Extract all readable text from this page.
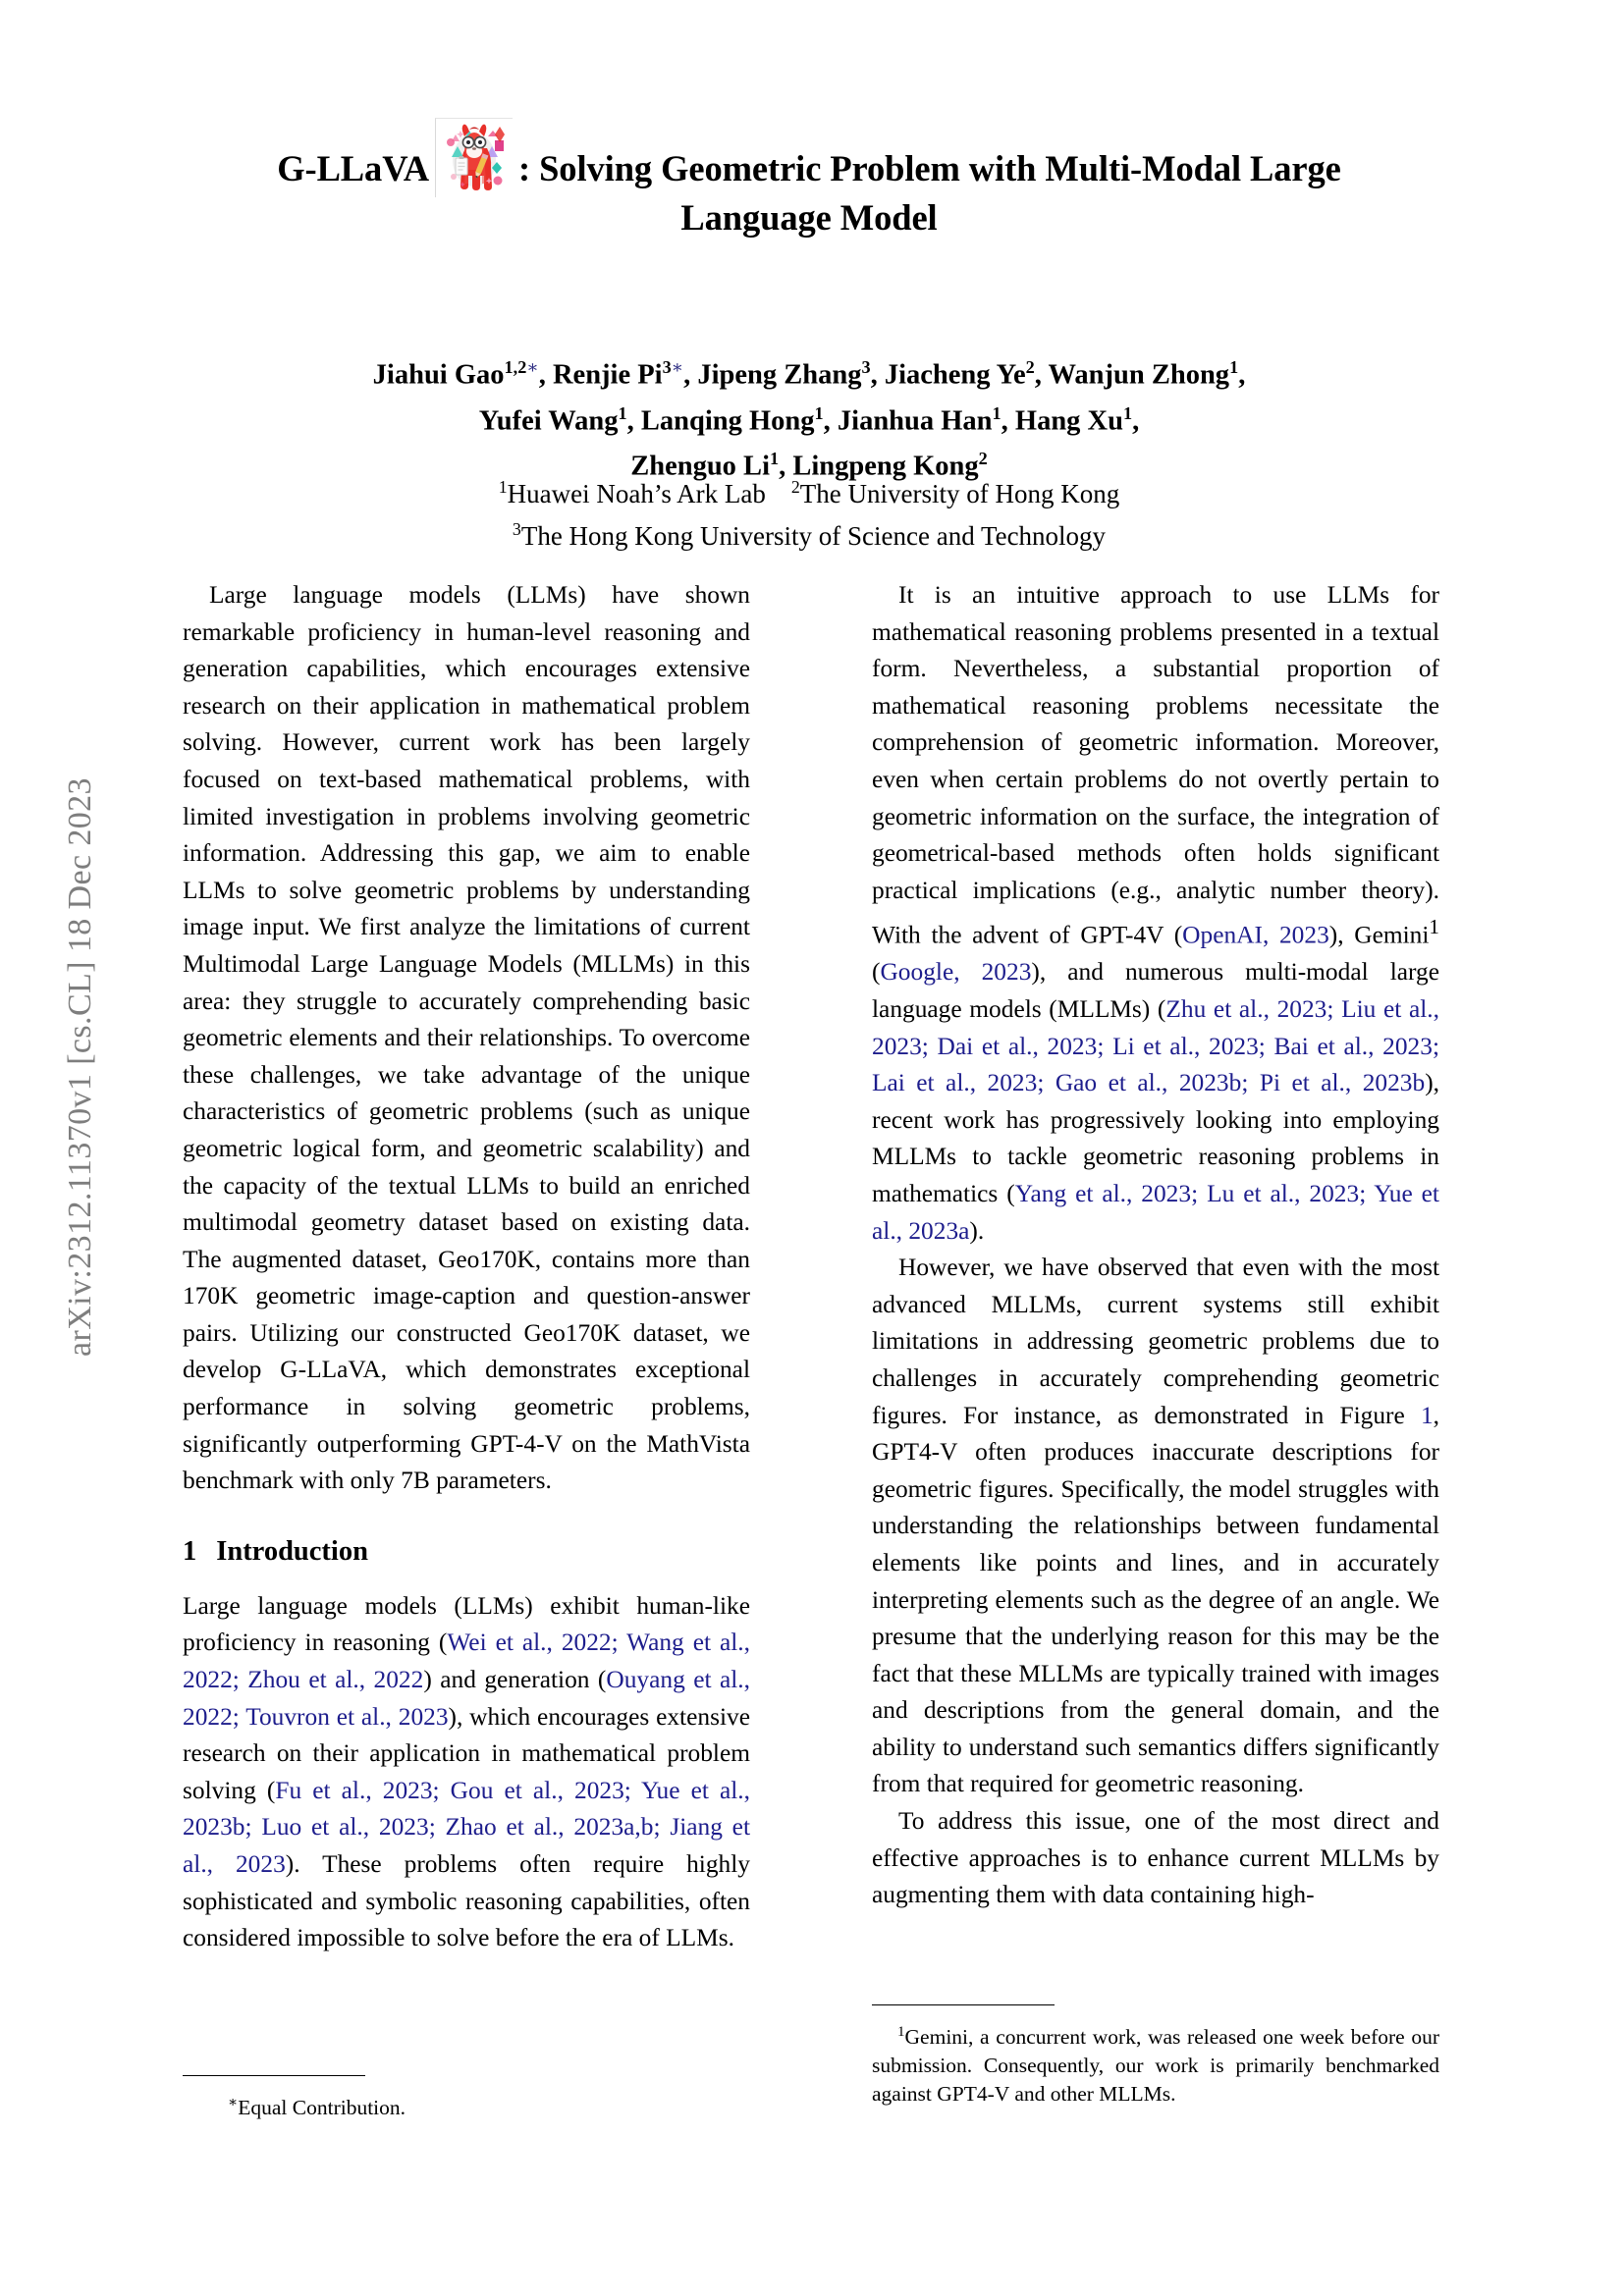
arXiv:2312.11370v1 [cs.CL] 18 Dec 2023
G-LLaVA : Solving Geometric Problem with Multi-Modal Large
Language Model
Jiahui Gao$^{1,2∗}$, Renjie $Pi^{3∗}$, Jipeng Zhang$^3$, Jiacheng Ye$^2$, Wanjun Zhong$^1$,
Yufei Wang$^1$, Lanqing Hong$^1$, Jianhua Han$^1$, Hang Xu$^1$,
Zhenguo Li$^1$, Lingpeng Kong$^2$
$^1$Huawei Noah’s Ark Lab $^2$The University of Hong Kong
$^3$The Hong Kong University of Science and Technology

Large language models (LLMs) have shown remarkable proficiency in human-level reasoning and generation capabilities, which encourages extensive research on their application in mathematical problem solving. However, current work has been largely focused on text-based mathematical problems, with limited investigation in problems involving geometric information. Addressing this gap, we aim to enable LLMs to solve geometric problems by understanding image input. We first analyze the limitations of current Multimodal Large Language Models (MLLMs) in this area: they struggle to accurately comprehending basic geometric elements and their relationships. To overcome these challenges, we take advantage of the unique characteristics of geometric problems (such as unique geometric logical form, and geometric scalability) and the capacity of the textual LLMs to build an enriched multimodal geometry dataset based on existing data. The augmented dataset, Geo170K, contains more than 170K geometric image-caption and question-answer pairs. Utilizing our constructed Geo170K dataset, we develop G-LLaVA, which demonstrates exceptional performance in solving geometric problems, significantly outperforming GPT-4-V on the MathVista benchmark with only 7B parameters.

1 Introduction

Large language models (LLMs) exhibit human-like proficiency in reasoning (Wei et al., 2022; Wang et al., 2022; Zhou et al., 2022) and generation (Ouyang et al., 2022; Touvron et al., 2023), which encourages extensive research on their application in mathematical problem solving (Fu et al., 2023; Gou et al., 2023; Yue et al., 2023b; Luo et al., 2023; Zhao et al., 2023a,b; Jiang et al., 2023). These problems often require highly sophisticated and symbolic reasoning capabilities, often considered impossible to solve before the era of LLMs.

It is an intuitive approach to use LLMs for mathematical reasoning problems presented in a textual form. Nevertheless, a substantial proportion of mathematical reasoning problems necessitate the comprehension of geometric information. Moreover, even when certain problems do not overtly pertain to geometric information on the surface, the integration of geometrical-based methods often holds significant practical implications (e.g., analytic number theory). With the advent of GPT-4V (OpenAI, 2023), Gemini$^1$ (Google, 2023), and numerous multi-modal large language models (MLLMs) (Zhu et al., 2023; Liu et al., 2023; Dai et al., 2023; Li et al., 2023; Bai et al., 2023; Lai et al., 2023; Gao et al., 2023b; Pi et al., 2023b), recent work has progressively looking into employing MLLMs to tackle geometric reasoning problems in mathematics (Yang et al., 2023; Lu et al., 2023; Yue et al., 2023a).

However, we have observed that even with the most advanced MLLMs, current systems still exhibit limitations in addressing geometric problems due to challenges in accurately comprehending geometric figures. For instance, as demonstrated in Figure 1, GPT4-V often produces inaccurate descriptions for geometric figures. Specifically, the model struggles with understanding the relationships between fundamental elements like points and lines, and in accurately interpreting elements such as the degree of an angle. We presume that the underlying reason for this may be the fact that these MLLMs are typically trained with images and descriptions from the general domain, and the ability to understand such semantics differs significantly from that required for geometric reasoning.

To address this issue, one of the most direct and effective approaches is to enhance current MLLMs by augmenting them with data containing high-

∗Equal Contribution.
$^1$Gemini, a concurrent work, was released one week before our submission. Consequently, our work is primarily benchmarked against GPT4-V and other MLLMs.
